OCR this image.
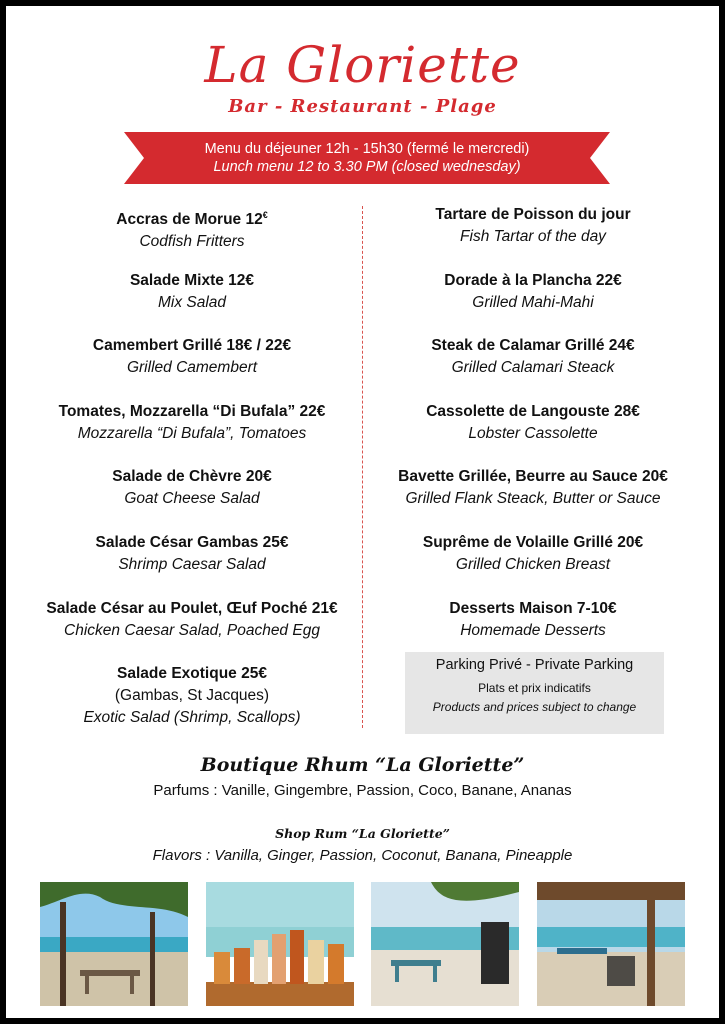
La Gloriette
Bar - Restaurant - Plage
Menu du déjeuner 12h - 15h30 (fermé le mercredi)
Lunch menu 12 to 3.30 PM (closed wednesday)
Accras de Morue 12€
Codfish Fritters
Salade Mixte 12€
Mix Salad
Camembert Grillé 18€ / 22€
Grilled Camembert
Tomates, Mozzarella “Di Bufala” 22€
Mozzarella “Di Bufala”, Tomatoes
Salade de Chèvre 20€
Goat Cheese Salad
Salade César Gambas 25€
Shrimp Caesar Salad
Salade César au Poulet, Œuf Poché 21€
Chicken Caesar Salad, Poached Egg
Salade Exotique 25€
(Gambas, St Jacques)
Exotic Salad (Shrimp, Scallops)
Tartare de Poisson du jour
Fish Tartar of the day
Dorade à la Plancha 22€
Grilled Mahi-Mahi
Steak de Calamar Grillé 24€
Grilled Calamari Steack
Cassolette de Langouste 28€
Lobster Cassolette
Bavette Grillée, Beurre au Sauce 20€
Grilled Flank Steack, Butter or Sauce
Suprême de Volaille Grillé 20€
Grilled Chicken Breast
Desserts Maison 7-10€
Homemade Desserts
Parking Privé - Private Parking
Plats et prix indicatifs
Products and prices subject to change
Boutique Rhum “La Gloriette”
Parfums : Vanille, Gingembre, Passion, Coco, Banane, Ananas
Shop Rum “La Gloriette”
Flavors : Vanilla, Ginger, Passion, Coconut, Banana, Pineapple
